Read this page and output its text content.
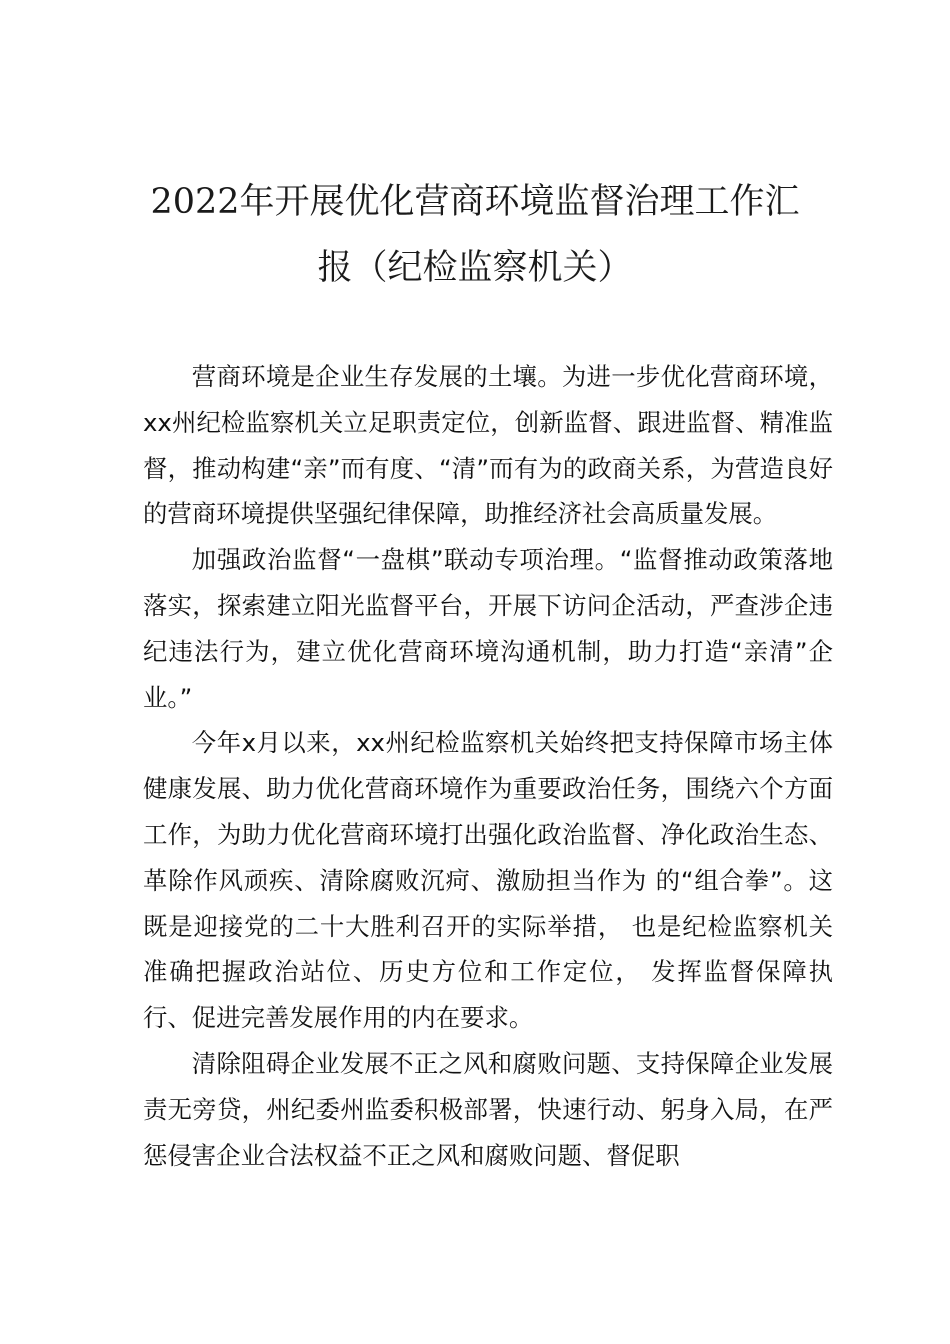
2022年开展优化营商环境监督治理工作汇
报（纪检监察机关）

营商环境是企业生存发展的土壤。为进一步优化营商环境，xx州纪检监察机关立足职责定位，创新监督、跟进监督、精准监督，推动构建“亲”而有度、“清”而有为的政商关系，为营造良好的营商环境提供坚强纪律保障，助推经济社会高质量发展。

加强政治监督“一盘棋”联动专项治理。“监督推动政策落地落实，探索建立阳光监督平台，开展下访问企活动，严查涉企违纪违法行为，建立优化营商环境沟通机制，助力打造“亲清”企业。”

今年x月以来，xx州纪检监察机关始终把支持保障市场主体健康发展、助力优化营商环境作为重要政治任务，围绕六个方面工作，为助力优化营商环境打出强化政治监督、净化政治生态、革除作风顽疾、清除腐败沉疴、激励担当作为 的“组合拳”。这既是迎接党的二十大胜利召开的实际举措， 也是纪检监察机关准确把握政治站位、历史方位和工作定位， 发挥监督保障执行、促进完善发展作用的内在要求。

清除阻碍企业发展不正之风和腐败问题、支持保障企业发展责无旁贷，州纪委州监委积极部署，快速行动、躬身入局，在严惩侵害企业合法权益不正之风和腐败问题、督促职
